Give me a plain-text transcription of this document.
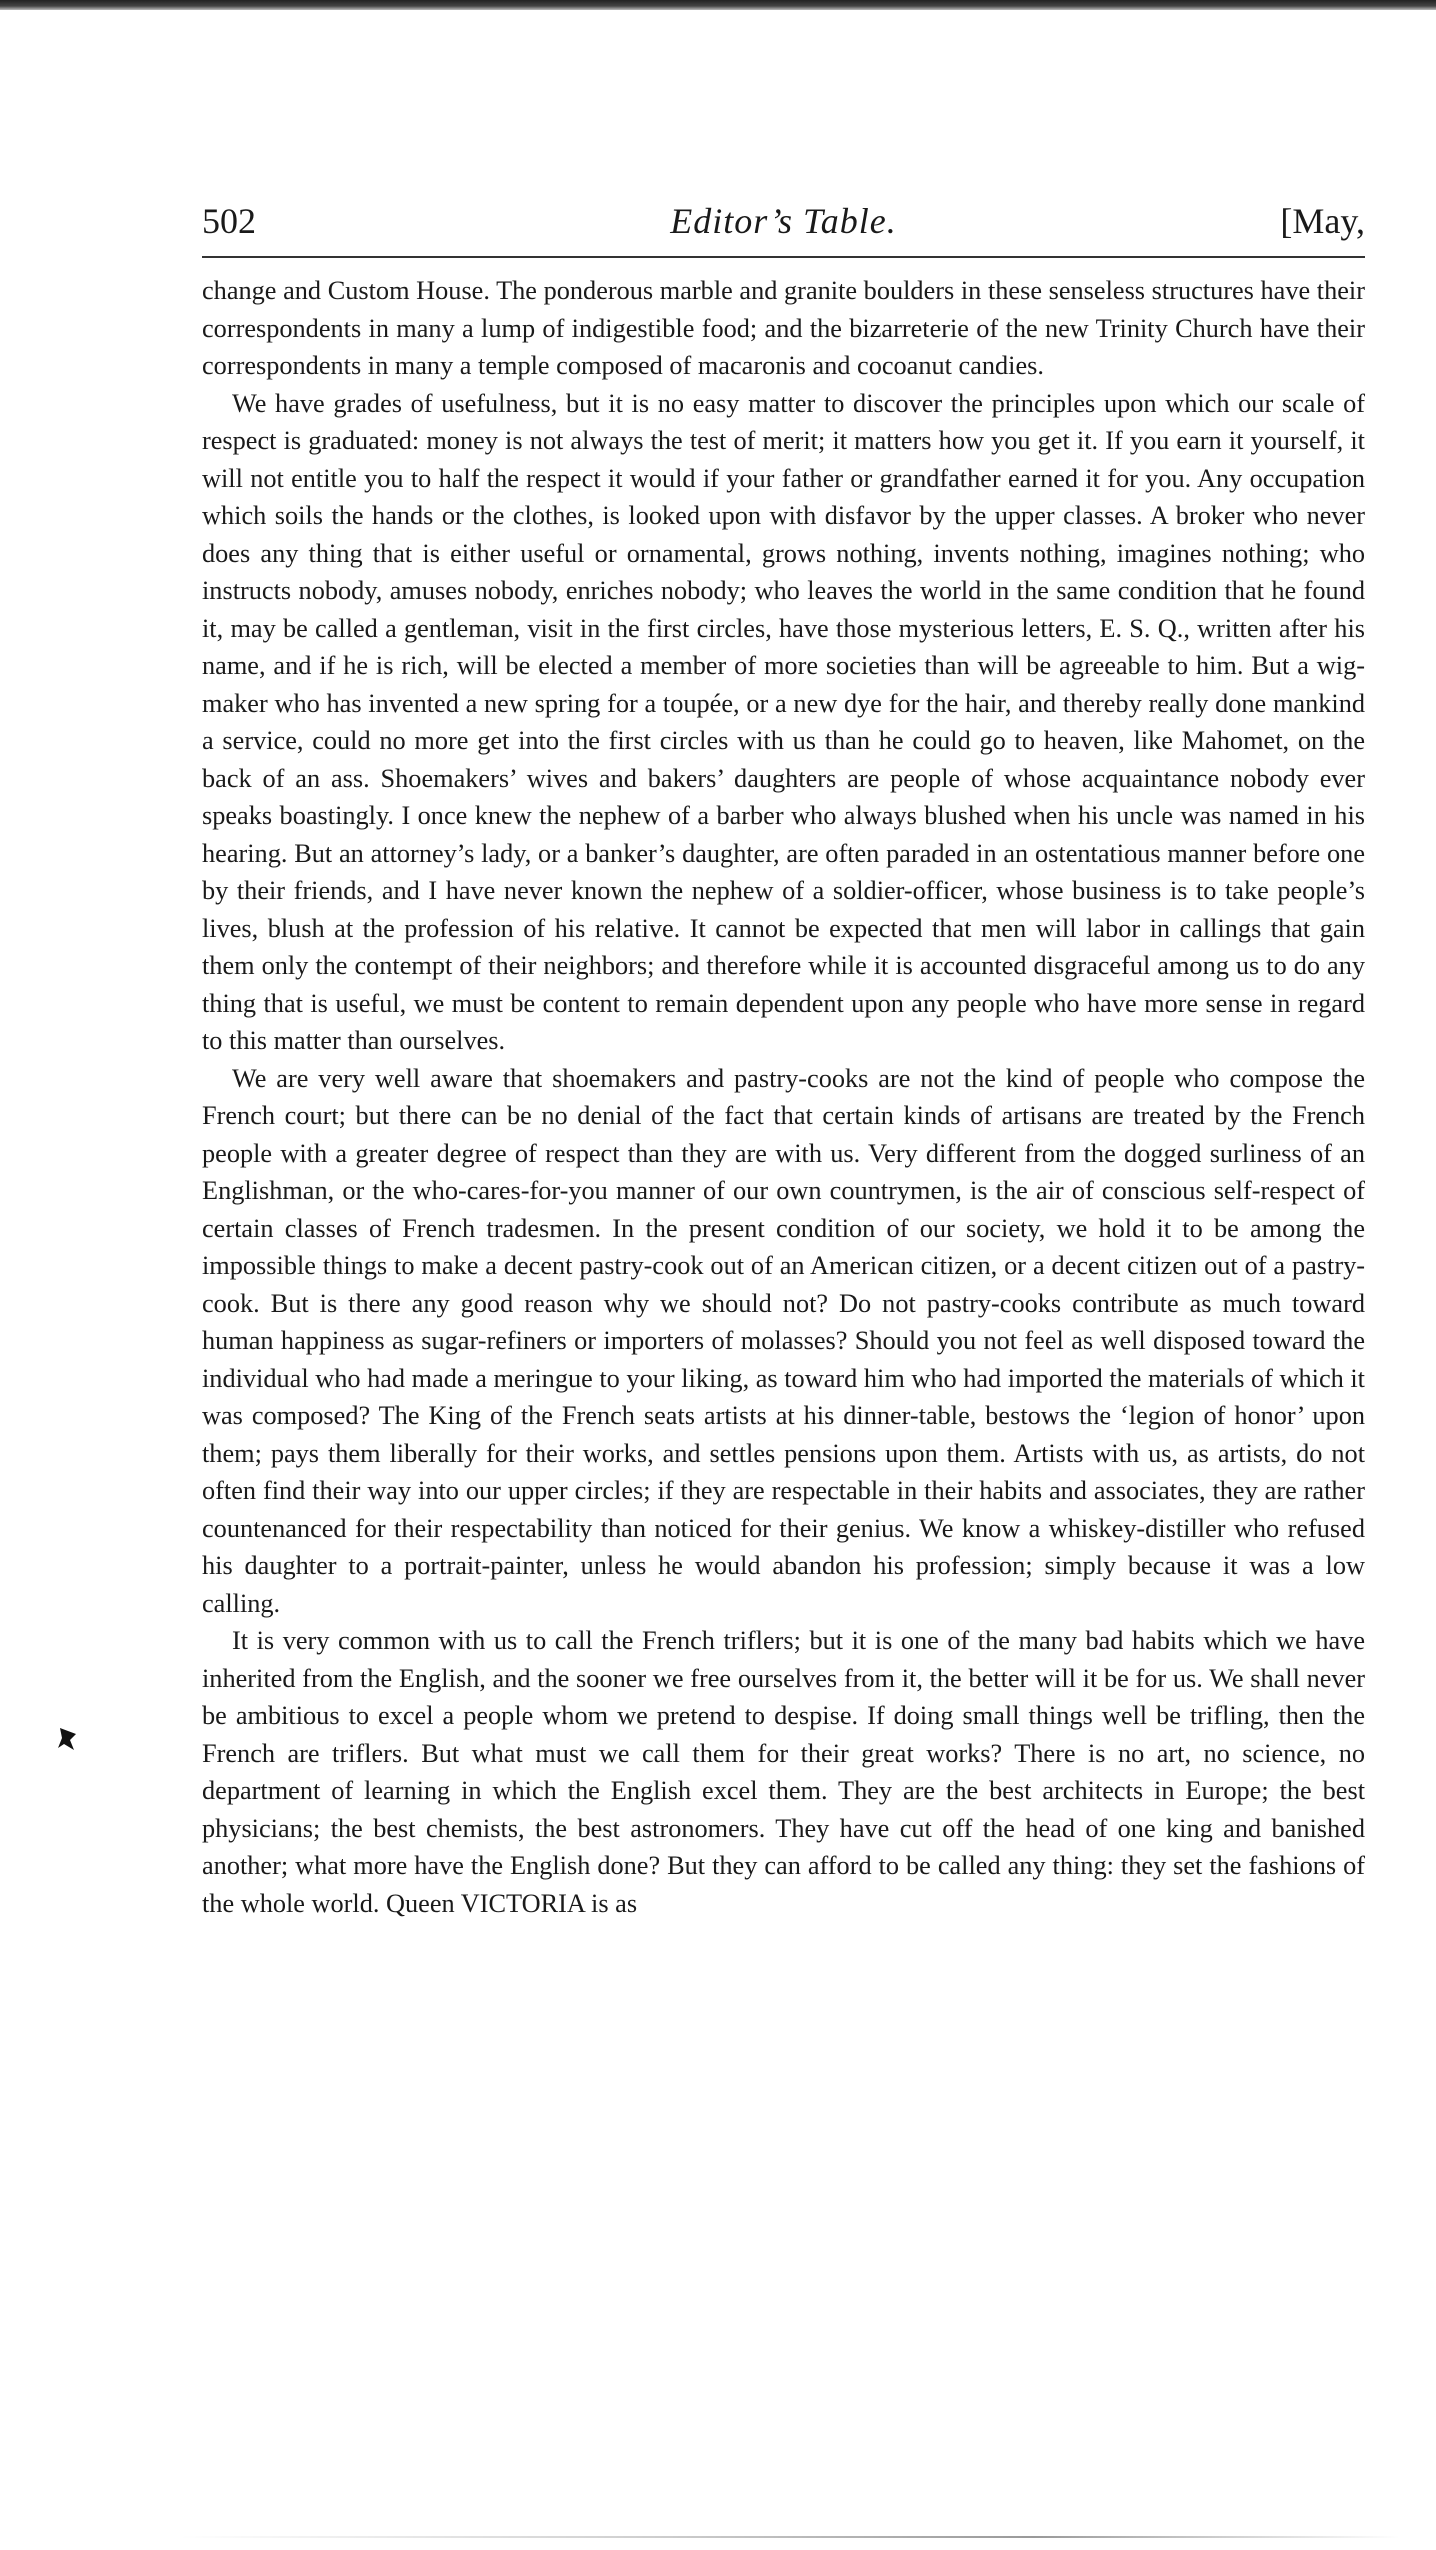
502	Editor’s Table.	[May,

change and Custom House. The ponderous marble and granite boulders in these senseless structures have their correspondents in many a lump of indigestible food; and the bizarreterie of the new Trinity Church have their correspondents in many a temple composed of macaronis and cocoanut candies.

We have grades of usefulness, but it is no easy matter to discover the principles upon which our scale of respect is graduated: money is not always the test of merit; it matters how you get it. If you earn it yourself, it will not entitle you to half the respect it would if your father or grandfather earned it for you. Any occupation which soils the hands or the clothes, is looked upon with disfavor by the upper classes. A broker who never does any thing that is either useful or ornamental, grows nothing, invents nothing, imagines nothing; who instructs nobody, amuses nobody, enriches nobody; who leaves the world in the same condition that he found it, may be called a gentleman, visit in the first circles, have those mysterious letters, E. S. Q., written after his name, and if he is rich, will be elected a member of more societies than will be agreeable to him. But a wig-maker who has invented a new spring for a toupée, or a new dye for the hair, and thereby really done mankind a service, could no more get into the first circles with us than he could go to heaven, like Mahomet, on the back of an ass. Shoemakers’ wives and bakers’ daughters are people of whose acquaintance nobody ever speaks boastingly. I once knew the nephew of a barber who always blushed when his uncle was named in his hearing. But an attorney’s lady, or a banker’s daughter, are often paraded in an ostentatious manner before one by their friends, and I have never known the nephew of a soldier-officer, whose business is to take people’s lives, blush at the profession of his relative. It cannot be expected that men will labor in callings that gain them only the contempt of their neighbors; and therefore while it is accounted disgraceful among us to do any thing that is useful, we must be content to remain dependent upon any people who have more sense in regard to this matter than ourselves.

We are very well aware that shoemakers and pastry-cooks are not the kind of people who compose the French court; but there can be no denial of the fact that certain kinds of artisans are treated by the French people with a greater degree of respect than they are with us. Very different from the dogged surliness of an Englishman, or the who-cares-for-you manner of our own countrymen, is the air of conscious self-respect of certain classes of French tradesmen. In the present condition of our society, we hold it to be among the impossible things to make a decent pastry-cook out of an American citizen, or a decent citizen out of a pastry-cook. But is there any good reason why we should not? Do not pastry-cooks contribute as much toward human happiness as sugar-refiners or importers of molasses? Should you not feel as well disposed toward the individual who had made a meringue to your liking, as toward him who had imported the materials of which it was composed? The King of the French seats artists at his dinner-table, bestows the ‘legion of honor’ upon them; pays them liberally for their works, and settles pensions upon them. Artists with us, as artists, do not often find their way into our upper circles; if they are respectable in their habits and associates, they are rather countenanced for their respectability than noticed for their genius. We know a whiskey-distiller who refused his daughter to a portrait-painter, unless he would abandon his profession; simply because it was a low calling.

It is very common with us to call the French triflers; but it is one of the many bad habits which we have inherited from the English, and the sooner we free ourselves from it, the better will it be for us. We shall never be ambitious to excel a people whom we pretend to despise. If doing small things well be trifling, then the French are triflers. But what must we call them for their great works? There is no art, no science, no department of learning in which the English excel them. They are the best architects in Europe; the best physicians; the best chemists, the best astronomers. They have cut off the head of one king and banished another; what more have the English done? But they can afford to be called any thing: they set the fashions of the whole world. Queen VICTORIA is as
